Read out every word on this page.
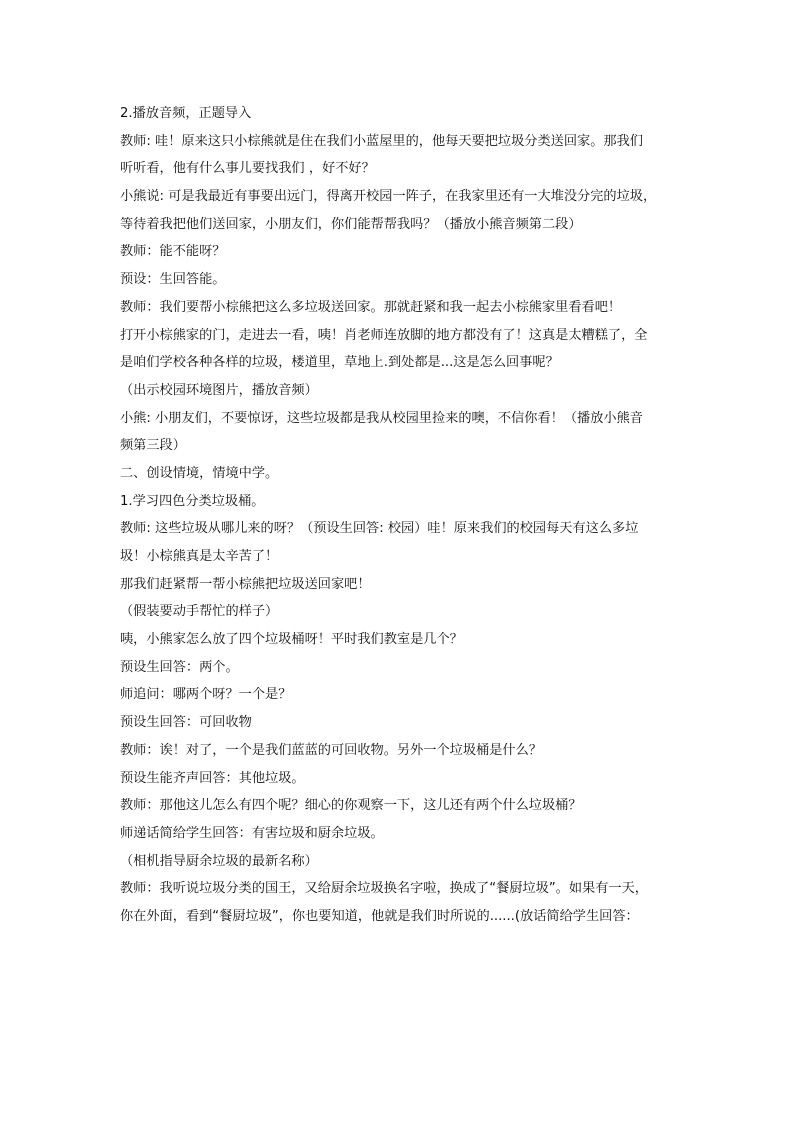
2.播放音频，正题导入

教师: 哇！原来这只小棕熊就是住在我们小蓝屋里的，他每天要把垃圾分类送回家。那我们

听听看，他有什么事儿要找我们 ，好不好？

小熊说: 可是我最近有事要出远门，得离开校园一阵子，在我家里还有一大堆没分完的垃圾，

等待着我把他们送回家，小朋友们，你们能帮帮我吗？（播放小熊音频第二段）

教师：能不能呀？

预设：生回答能。

教师：我们要帮小棕熊把这么多垃圾送回家。那就赶紧和我一起去小棕熊家里看看吧！

打开小棕熊家的门，走进去一看，咦！肖老师连放脚的地方都没有了！这真是太糟糕了，全

是咱们学校各种各样的垃圾，楼道里，草地上.到处都是...这是怎么回事呢？

（出示校园环境图片，播放音频）

小熊: 小朋友们，不要惊讶，这些垃圾都是我从校园里捡来的噢，不信你看！（播放小熊音

频第三段）

二、创设情境，情境中学。

1.学习四色分类垃圾桶。

教师: 这些垃圾从哪儿来的呀？（预设生回答: 校园）哇！原来我们的校园每天有这么多垃

圾！小棕熊真是太辛苦了！

那我们赶紧帮一帮小棕熊把垃圾送回家吧！

（假装要动手帮忙的样子）

咦，小熊家怎么放了四个垃圾桶呀！平时我们教室是几个？

预设生回答：两个。

师追问：哪两个呀？一个是？

预设生回答：可回收物

教师：诶！对了，一个是我们蓝蓝的可回收物。另外一个垃圾桶是什么？

预设生能齐声回答：其他垃圾。

教师：那他这儿怎么有四个呢？细心的你观察一下，这儿还有两个什么垃圾桶？

师递话简给学生回答：有害垃圾和厨余垃圾。

（相机指导厨余垃圾的最新名称）

教师：我听说垃圾分类的国王，又给厨余垃圾换名字啦，换成了“餐厨垃圾”。如果有一天，

你在外面，看到“餐厨垃圾”，你也要知道，他就是我们时所说的......(放话简给学生回答：
